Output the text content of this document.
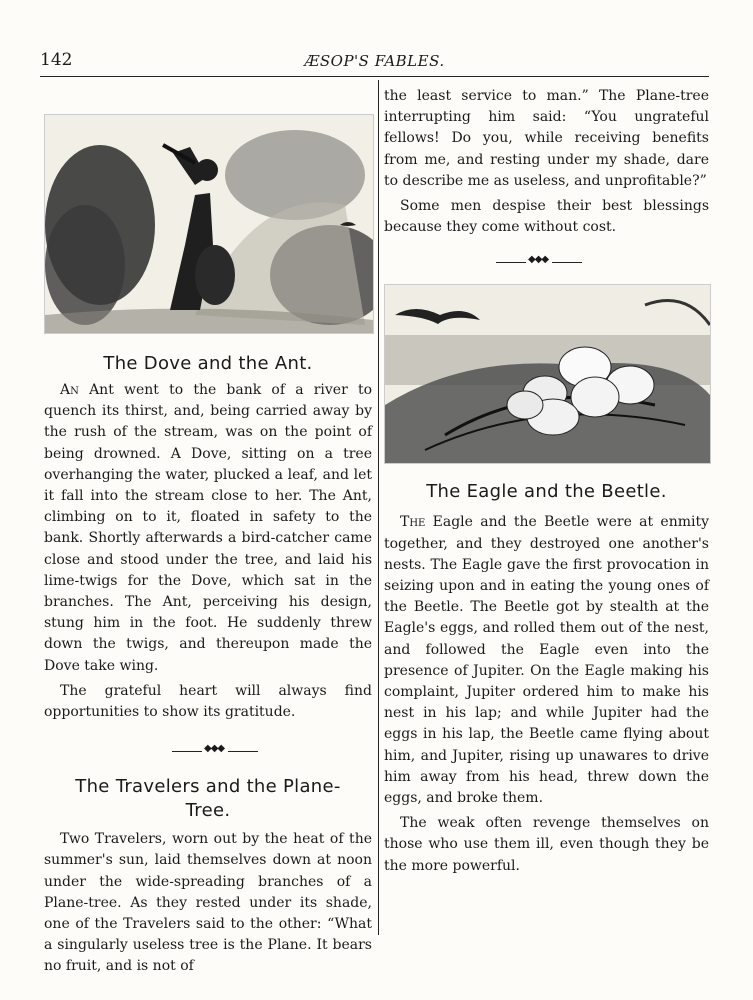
142	ÆSOP'S FABLES.
The Dove and the Ant.

An Ant went to the bank of a river to quench its thirst, and, being carried away by the rush of the stream, was on the point of being drowned. A Dove, sitting on a tree overhanging the water, plucked a leaf, and let it fall into the stream close to her. The Ant, climbing on to it, floated in safety to the bank. Shortly afterwards a bird-catcher came close and stood under the tree, and laid his lime-twigs for the Dove, which sat in the branches. The Ant, perceiving his design, stung him in the foot. He suddenly threw down the twigs, and thereupon made the Dove take wing.

The grateful heart will always find opportunities to show its gratitude.

◆◆◆
The Travelers and the Plane-
Tree.

Two Travelers, worn out by the heat of the summer's sun, laid themselves down at noon under the wide-spreading branches of a Plane-tree. As they rested under its shade, one of the Travelers said to the other: “What a singularly useless tree is the Plane. It bears no fruit, and is not of

the least service to man.” The Plane-tree interrupting him said: “You ungrateful fellows! Do you, while receiving benefits from me, and resting under my shade, dare to describe me as useless, and unprofitable?”

Some men despise their best blessings because they come without cost.

◆◆◆
The Eagle and the Beetle.

The Eagle and the Beetle were at enmity together, and they destroyed one another's nests. The Eagle gave the first provocation in seizing upon and in eating the young ones of the Beetle. The Beetle got by stealth at the Eagle's eggs, and rolled them out of the nest, and followed the Eagle even into the presence of Jupiter. On the Eagle making his complaint, Jupiter ordered him to make his nest in his lap; and while Jupiter had the eggs in his lap, the Beetle came flying about him, and Jupiter, rising up unawares to drive him away from his head, threw down the eggs, and broke them.

The weak often revenge themselves on those who use them ill, even though they be the more powerful.
